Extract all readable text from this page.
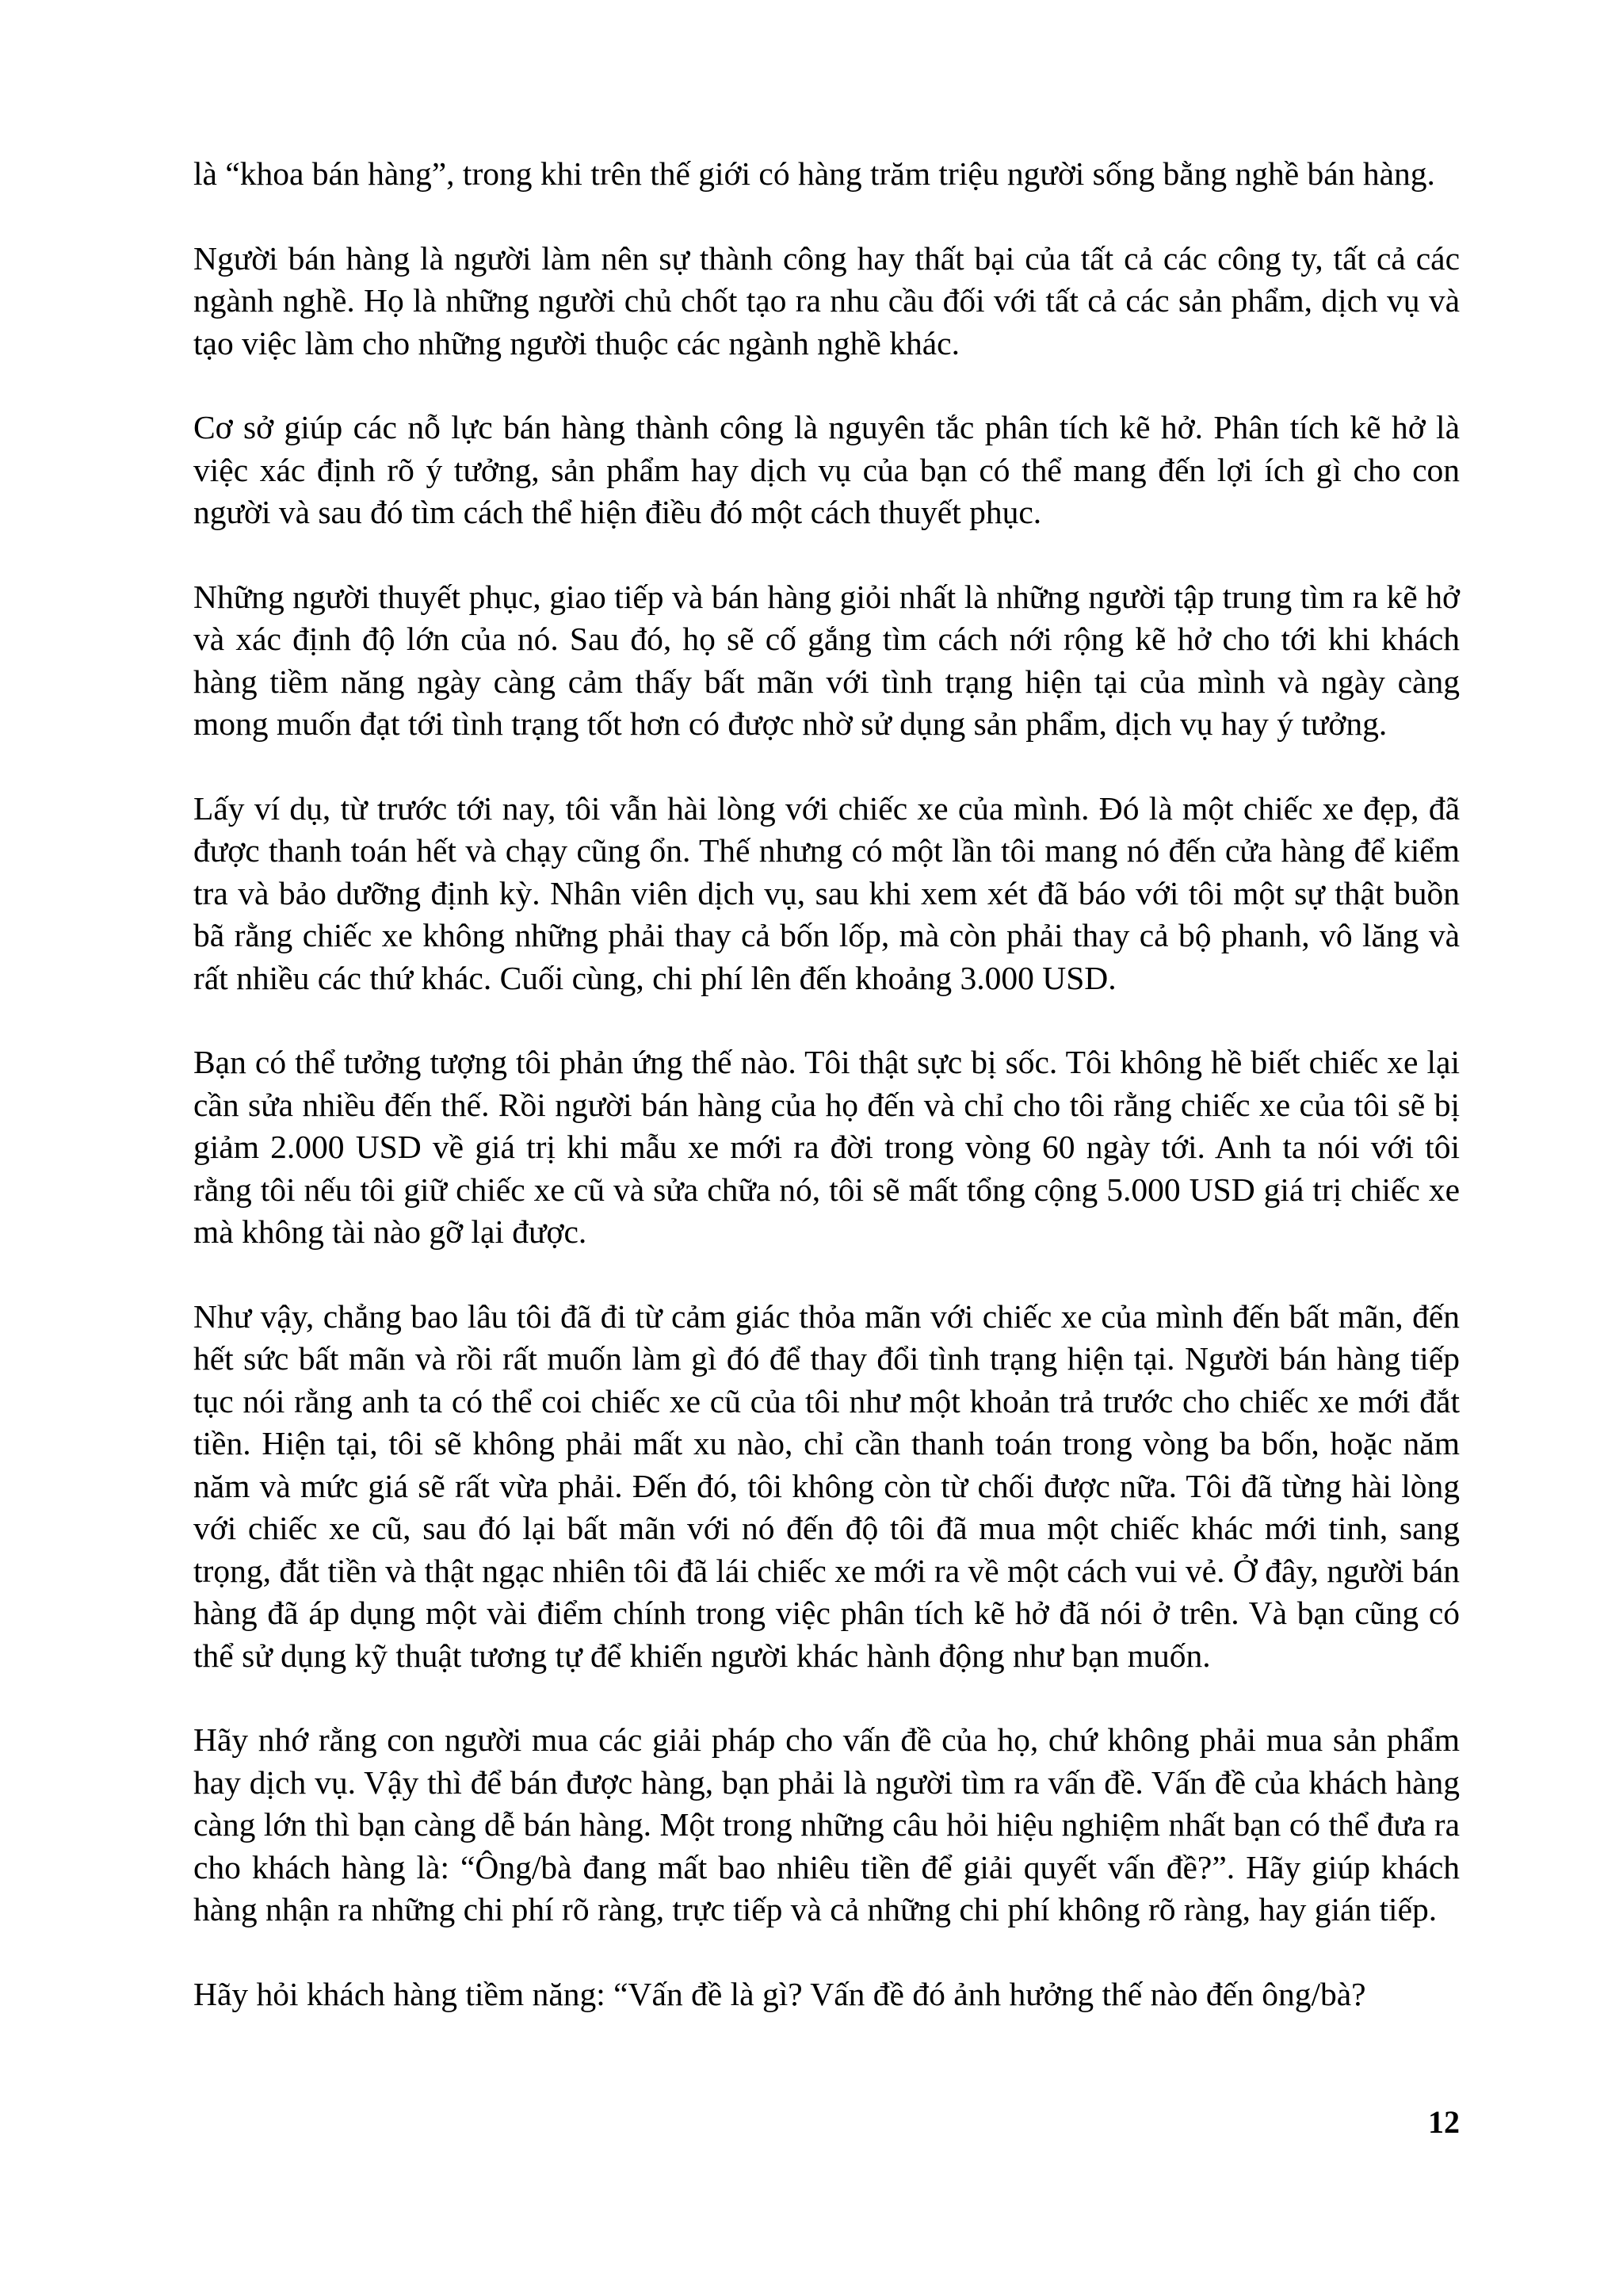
là “khoa bán hàng”, trong khi trên thế giới có hàng trăm triệu người sống bằng nghề bán hàng.

Người bán hàng là người làm nên sự thành công hay thất bại của tất cả các công ty, tất cả các ngành nghề. Họ là những người chủ chốt tạo ra nhu cầu đối với tất cả các sản phẩm, dịch vụ và tạo việc làm cho những người thuộc các ngành nghề khác.

Cơ sở giúp các nỗ lực bán hàng thành công là nguyên tắc phân tích kẽ hở. Phân tích kẽ hở là việc xác định rõ ý tưởng, sản phẩm hay dịch vụ của bạn có thể mang đến lợi ích gì cho con người và sau đó tìm cách thể hiện điều đó một cách thuyết phục.

Những người thuyết phục, giao tiếp và bán hàng giỏi nhất là những người tập trung tìm ra kẽ hở và xác định độ lớn của nó. Sau đó, họ sẽ cố gắng tìm cách nới rộng kẽ hở cho tới khi khách hàng tiềm năng ngày càng cảm thấy bất mãn với tình trạng hiện tại của mình và ngày càng mong muốn đạt tới tình trạng tốt hơn có được nhờ sử dụng sản phẩm, dịch vụ hay ý tưởng.

Lấy ví dụ, từ trước tới nay, tôi vẫn hài lòng với chiếc xe của mình. Đó là một chiếc xe đẹp, đã được thanh toán hết và chạy cũng ổn. Thế nhưng có một lần tôi mang nó đến cửa hàng để kiểm tra và bảo dưỡng định kỳ. Nhân viên dịch vụ, sau khi xem xét đã báo với tôi một sự thật buồn bã rằng chiếc xe không những phải thay cả bốn lốp, mà còn phải thay cả bộ phanh, vô lăng và rất nhiều các thứ khác. Cuối cùng, chi phí lên đến khoảng 3.000 USD.

Bạn có thể tưởng tượng tôi phản ứng thế nào. Tôi thật sực bị sốc. Tôi không hề biết chiếc xe lại cần sửa nhiều đến thế. Rồi người bán hàng của họ đến và chỉ cho tôi rằng chiếc xe của tôi sẽ bị giảm 2.000 USD về giá trị khi mẫu xe mới ra đời trong vòng 60 ngày tới. Anh ta nói với tôi rằng tôi nếu tôi giữ chiếc xe cũ và sửa chữa nó, tôi sẽ mất tổng cộng 5.000 USD giá trị chiếc xe mà không tài nào gỡ lại được.

Như vậy, chẳng bao lâu tôi đã đi từ cảm giác thỏa mãn với chiếc xe của mình đến bất mãn, đến hết sức bất mãn và rồi rất muốn làm gì đó để thay đổi tình trạng hiện tại. Người bán hàng tiếp tục nói rằng anh ta có thể coi chiếc xe cũ của tôi như một khoản trả trước cho chiếc xe mới đắt tiền. Hiện tại, tôi sẽ không phải mất xu nào, chỉ cần thanh toán trong vòng ba bốn, hoặc năm năm và mức giá sẽ rất vừa phải. Đến đó, tôi không còn từ chối được nữa. Tôi đã từng hài lòng với chiếc xe cũ, sau đó lại bất mãn với nó đến độ tôi đã mua một chiếc khác mới tinh, sang trọng, đắt tiền và thật ngạc nhiên tôi đã lái chiếc xe mới ra về một cách vui vẻ. Ở đây, người bán hàng đã áp dụng một vài điểm chính trong việc phân tích kẽ hở đã nói ở trên. Và bạn cũng có thể sử dụng kỹ thuật tương tự để khiến người khác hành động như bạn muốn.

Hãy nhớ rằng con người mua các giải pháp cho vấn đề của họ, chứ không phải mua sản phẩm hay dịch vụ. Vậy thì để bán được hàng, bạn phải là người tìm ra vấn đề. Vấn đề của khách hàng càng lớn thì bạn càng dễ bán hàng. Một trong những câu hỏi hiệu nghiệm nhất bạn có thể đưa ra cho khách hàng là: “Ông/bà đang mất bao nhiêu tiền để giải quyết vấn đề?”. Hãy giúp khách hàng nhận ra những chi phí rõ ràng, trực tiếp và cả những chi phí không rõ ràng, hay gián tiếp.

Hãy hỏi khách hàng tiềm năng: “Vấn đề là gì? Vấn đề đó ảnh hưởng thế nào đến ông/bà?

12
